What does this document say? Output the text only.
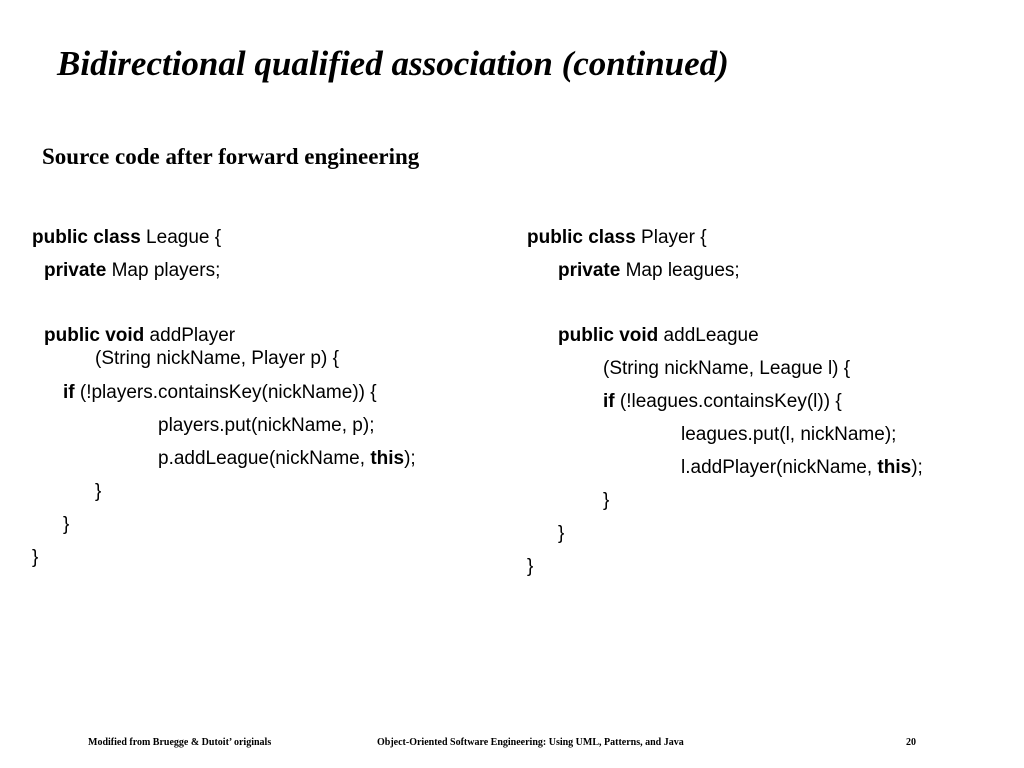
Bidirectional qualified association (continued)
Source code after forward engineering
public class League {
private Map players;
public void addPlayer
(String nickName, Player p) {
if (!players.containsKey(nickName)) {
players.put(nickName, p);
p.addLeague(nickName, this);
}
}
}
public class Player {
private Map leagues;
public void addLeague
(String nickName, League l) {
if (!leagues.containsKey(l)) {
leagues.put(l, nickName);
l.addPlayer(nickName, this);
}
}
}
Modified from Bruegge & Dutoit’ originals	Object-Oriented Software Engineering: Using UML, Patterns, and Java	20
